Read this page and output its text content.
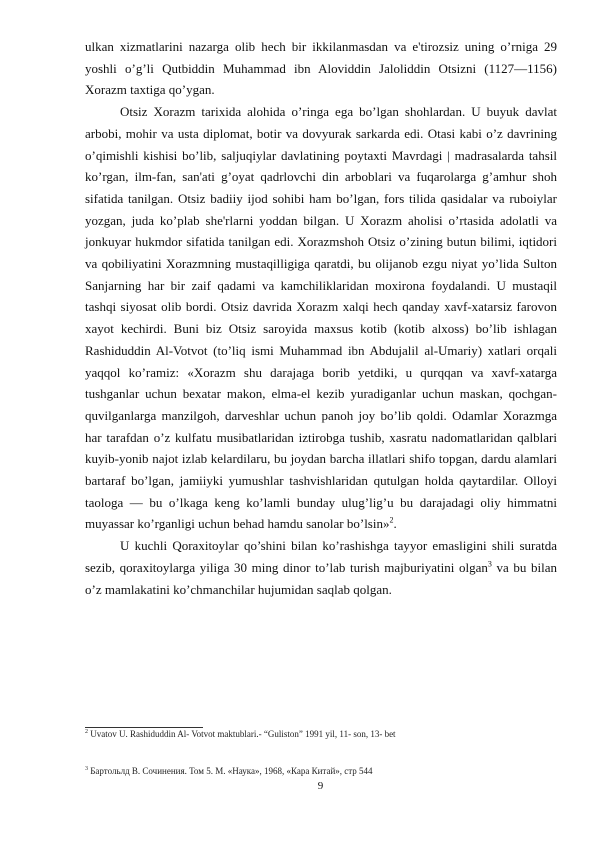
ulkan xizmatlarini nazarga olib hech bir ikkilanmasdan va e'tirozsiz uning o’rniga 29 yoshli o’g’li Qutbiddin Muhammad ibn Aloviddin Jaloliddin Otsizni (1127—1156) Xorazm taxtiga qo’ygan.

Otsiz Xorazm tarixida alohida o’ringa ega bo’lgan shohlardan. U buyuk davlat arbobi, mohir va usta diplomat, botir va dovyurak sarkarda edi. Otasi kabi o’z davrining o’qimishli kishisi bo’lib, saljuqiylar davlatining poytaxti Mavrdagi | madrasalarda tahsil ko’rgan, ilm-fan, san'ati g’oyat qadrlovchi din arboblari va fuqarolarga g’amhur shoh sifatida tanilgan. Otsiz badiiy ijod sohibi ham bo’lgan, fors tilida qasidalar va ruboiylar yozgan, juda ko’plab she'rlarni yoddan bilgan. U Xorazm aholisi o’rtasida adolatli va jonkuyar hukmdor sifatida tanilgan edi. Xorazmshoh Otsiz o’zining butun bilimi, iqtidori va qobiliyatini Xorazmning mustaqilligiga qaratdi, bu olijanob ezgu niyat yo’lida Sulton Sanjarning har bir zaif qadami va kamchiliklaridan moxirona foydalandi. U mustaqil tashqi siyosat olib bordi. Otsiz davrida Xorazm xalqi hech qanday xavf-xatarsiz farovon xayot kechirdi. Buni biz Otsiz saroyida maxsus kotib (kotib alxoss) bo’lib ishlagan Rashiduddin Al-Votvot (to’liq ismi Muhammad ibn Abdujalil al-Umariy) xatlari orqali yaqqol ko’ramiz: «Xorazm shu darajaga borib yetdiki, u qurqqan va xavf-xatarga tushganlar uchun bexatar makon, elma-el kezib yuradiganlar uchun maskan, qochgan-quvilganlarga manzilgoh, darveshlar uchun panoh joy bo’lib qoldi. Odamlar Xorazmga har tarafdan o’z kulfatu musibatlaridan iztirobga tushib, xasratu nadomatlaridan qalblari kuyib-yonib najot izlab kelardilaru, bu joydan barcha illatlari shifo topgan, dardu alamlari bartaraf bo’lgan, jamiiyki yumushlar tashvishlaridan qutulgan holda qaytardilar. Olloyi taologa — bu o’lkaga keng ko’lamli bunday ulug’lig’u bu darajadagi oliy himmatni muyassar ko’rganligi uchun behad hamdu sanolar bo’lsin»$^2$.

U kuchli Qoraxitoylar qo’shini bilan ko’rashishga tayyor emasligini shili suratda sezib, qoraxitoylarga yiliga 30 ming dinor to’lab turish majburiyatini olgan$^3$ va bu bilan o’z mamlakatini ko’chmanchilar hujumidan saqlab qolgan.

$^2$ Uvatov U. Rashiduddin Al- Votvot maktublari.- “Guliston” 1991 yil, 11- son, 13- bet
$^3$ Бартольлд В. Сочинения. Том 5. М. «Наука», 1968, «Кара Китай», стр 544
9
